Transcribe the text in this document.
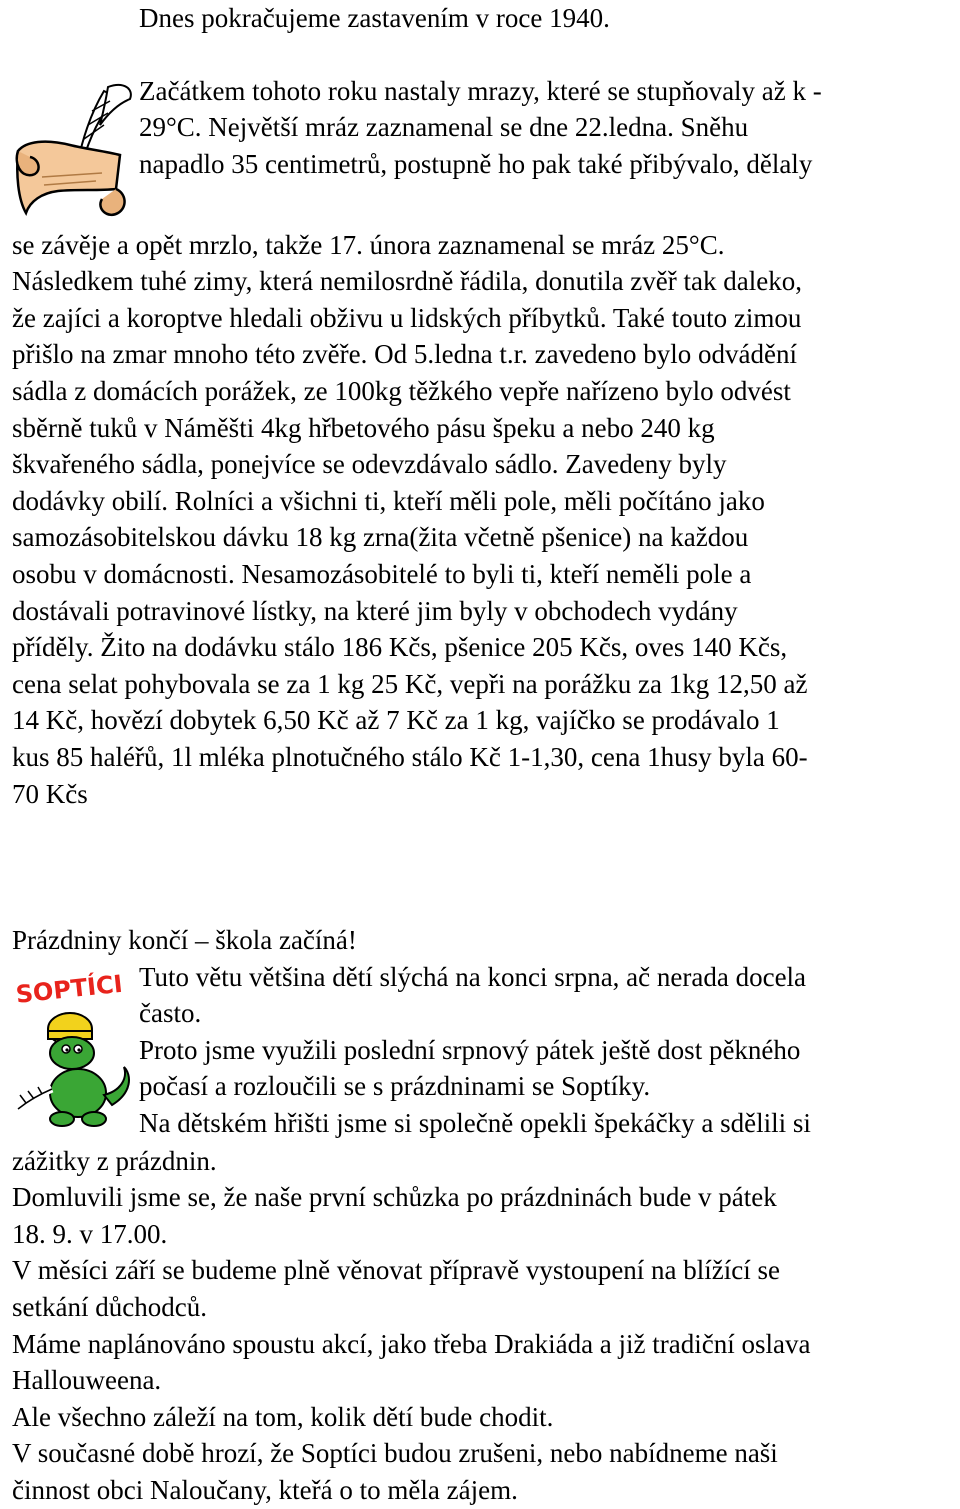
Dnes pokračujeme zastavením v roce 1940.

Začátkem tohoto roku nastaly mrazy, které se stupňovaly až k -
29°C. Největší mráz zaznamenal se dne 22.ledna. Sněhu
napadlo 35 centimetrů, postupně ho pak také přibývalo, dělaly
se závěje a opět mrzlo, takže 17. února zaznamenal se mráz 25°C.
Následkem tuhé zimy, která nemilosrdně řádila, donutila zvěř tak daleko,
že zajíci a koroptve hledali obživu u lidských příbytků. Také touto zimou
přišlo na zmar mnoho této zvěře. Od 5.ledna t.r. zavedeno bylo odvádění
sádla z domácích porážek, ze 100kg těžkého vepře nařízeno bylo odvést
sběrně tuků v Náměšti 4kg hřbetového pásu špeku a nebo 240 kg
škvařeného sádla, ponejvíce se odevzdávalo sádlo. Zavedeny byly
dodávky obilí. Rolníci a všichni ti, kteří měli pole, měli počítáno jako
samozásobitelskou dávku 18 kg zrna(žita včetně pšenice) na každou
osobu v domácnosti. Nesamozásobitelé to byli ti, kteří neměli pole a
dostávali potravinové lístky, na které jim byly v obchodech vydány
příděly. Žito na dodávku stálo 186 Kčs, pšenice 205 Kčs, oves 140 Kčs,
cena selat pohybovala se za 1 kg 25 Kč, vepři na porážku za 1kg 12,50 až
14 Kč, hovězí dobytek 6,50 Kč až 7 Kč za 1 kg, vajíčko se prodávalo 1
kus 85 haléřů, 1l mléka plnotučného stálo Kč 1-1,30, cena 1husy byla 60-
70 Kčs

Prázdniny končí – škola začíná!

SOPTÍCI Tuto větu většina dětí slýchá na konci srpna, ač nerada docela
často.
Proto jsme využili poslední srpnový pátek ještě dost pěkného
počasí a rozloučili se s prázdninami se Soptíky.
Na dětském hřišti jsme si společně opekli špekáčky a sdělili si
zážitky z prázdnin.
Domluvili jsme se, že naše první schůzka po prázdninách bude v pátek
18. 9. v 17.00.
V měsíci září se budeme plně věnovat přípravě vystoupení na blížící se
setkání důchodců.
Máme naplánováno spoustu akcí, jako třeba Drakiáda a již tradiční oslava
Hallouweena.
Ale všechno záleží na tom, kolik dětí bude chodit.
V současné době hrozí, že Soptíci budou zrušeni, nebo nabídneme naši
činnost obci Naloučany, kteřá o to měla zájem.
